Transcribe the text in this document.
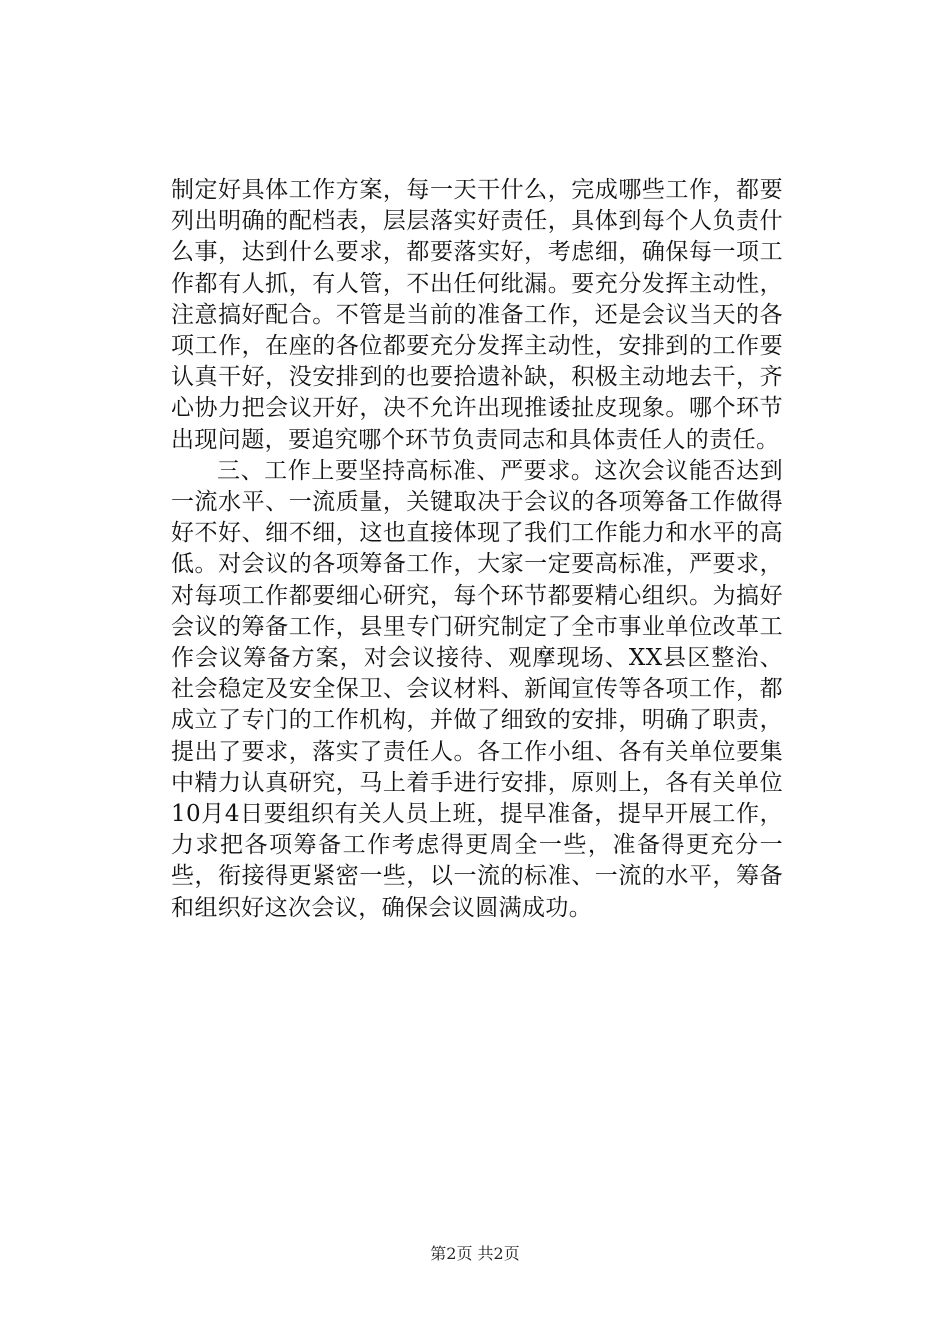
制定好具体工作方案，每一天干什么，完成哪些工作，都要列出明确的配档表，层层落实好责任，具体到每个人负责什么事，达到什么要求，都要落实好，考虑细，确保每一项工作都有人抓，有人管，不出任何纰漏。要充分发挥主动性，注意搞好配合。不管是当前的准备工作，还是会议当天的各项工作，在座的各位都要充分发挥主动性，安排到的工作要认真干好，没安排到的也要拾遗补缺，积极主动地去干，齐心协力把会议开好，决不允许出现推诿扯皮现象。哪个环节出现问题，要追究哪个环节负责同志和具体责任人的责任。

三、工作上要坚持高标准、严要求。这次会议能否达到一流水平、一流质量，关键取决于会议的各项筹备工作做得好不好、细不细，这也直接体现了我们工作能力和水平的高低。对会议的各项筹备工作，大家一定要高标准，严要求，对每项工作都要细心研究，每个环节都要精心组织。为搞好会议的筹备工作，县里专门研究制定了全市事业单位改革工作会议筹备方案，对会议接待、观摩现场、XX县区整治、社会稳定及安全保卫、会议材料、新闻宣传等各项工作，都成立了专门的工作机构，并做了细致的安排，明确了职责，提出了要求，落实了责任人。各工作小组、各有关单位要集中精力认真研究，马上着手进行安排，原则上，各有关单位10月4日要组织有关人员上班，提早准备，提早开展工作，力求把各项筹备工作考虑得更周全一些，准备得更充分一些，衔接得更紧密一些，以一流的标准、一流的水平，筹备和组织好这次会议，确保会议圆满成功。

第2页 共2页
